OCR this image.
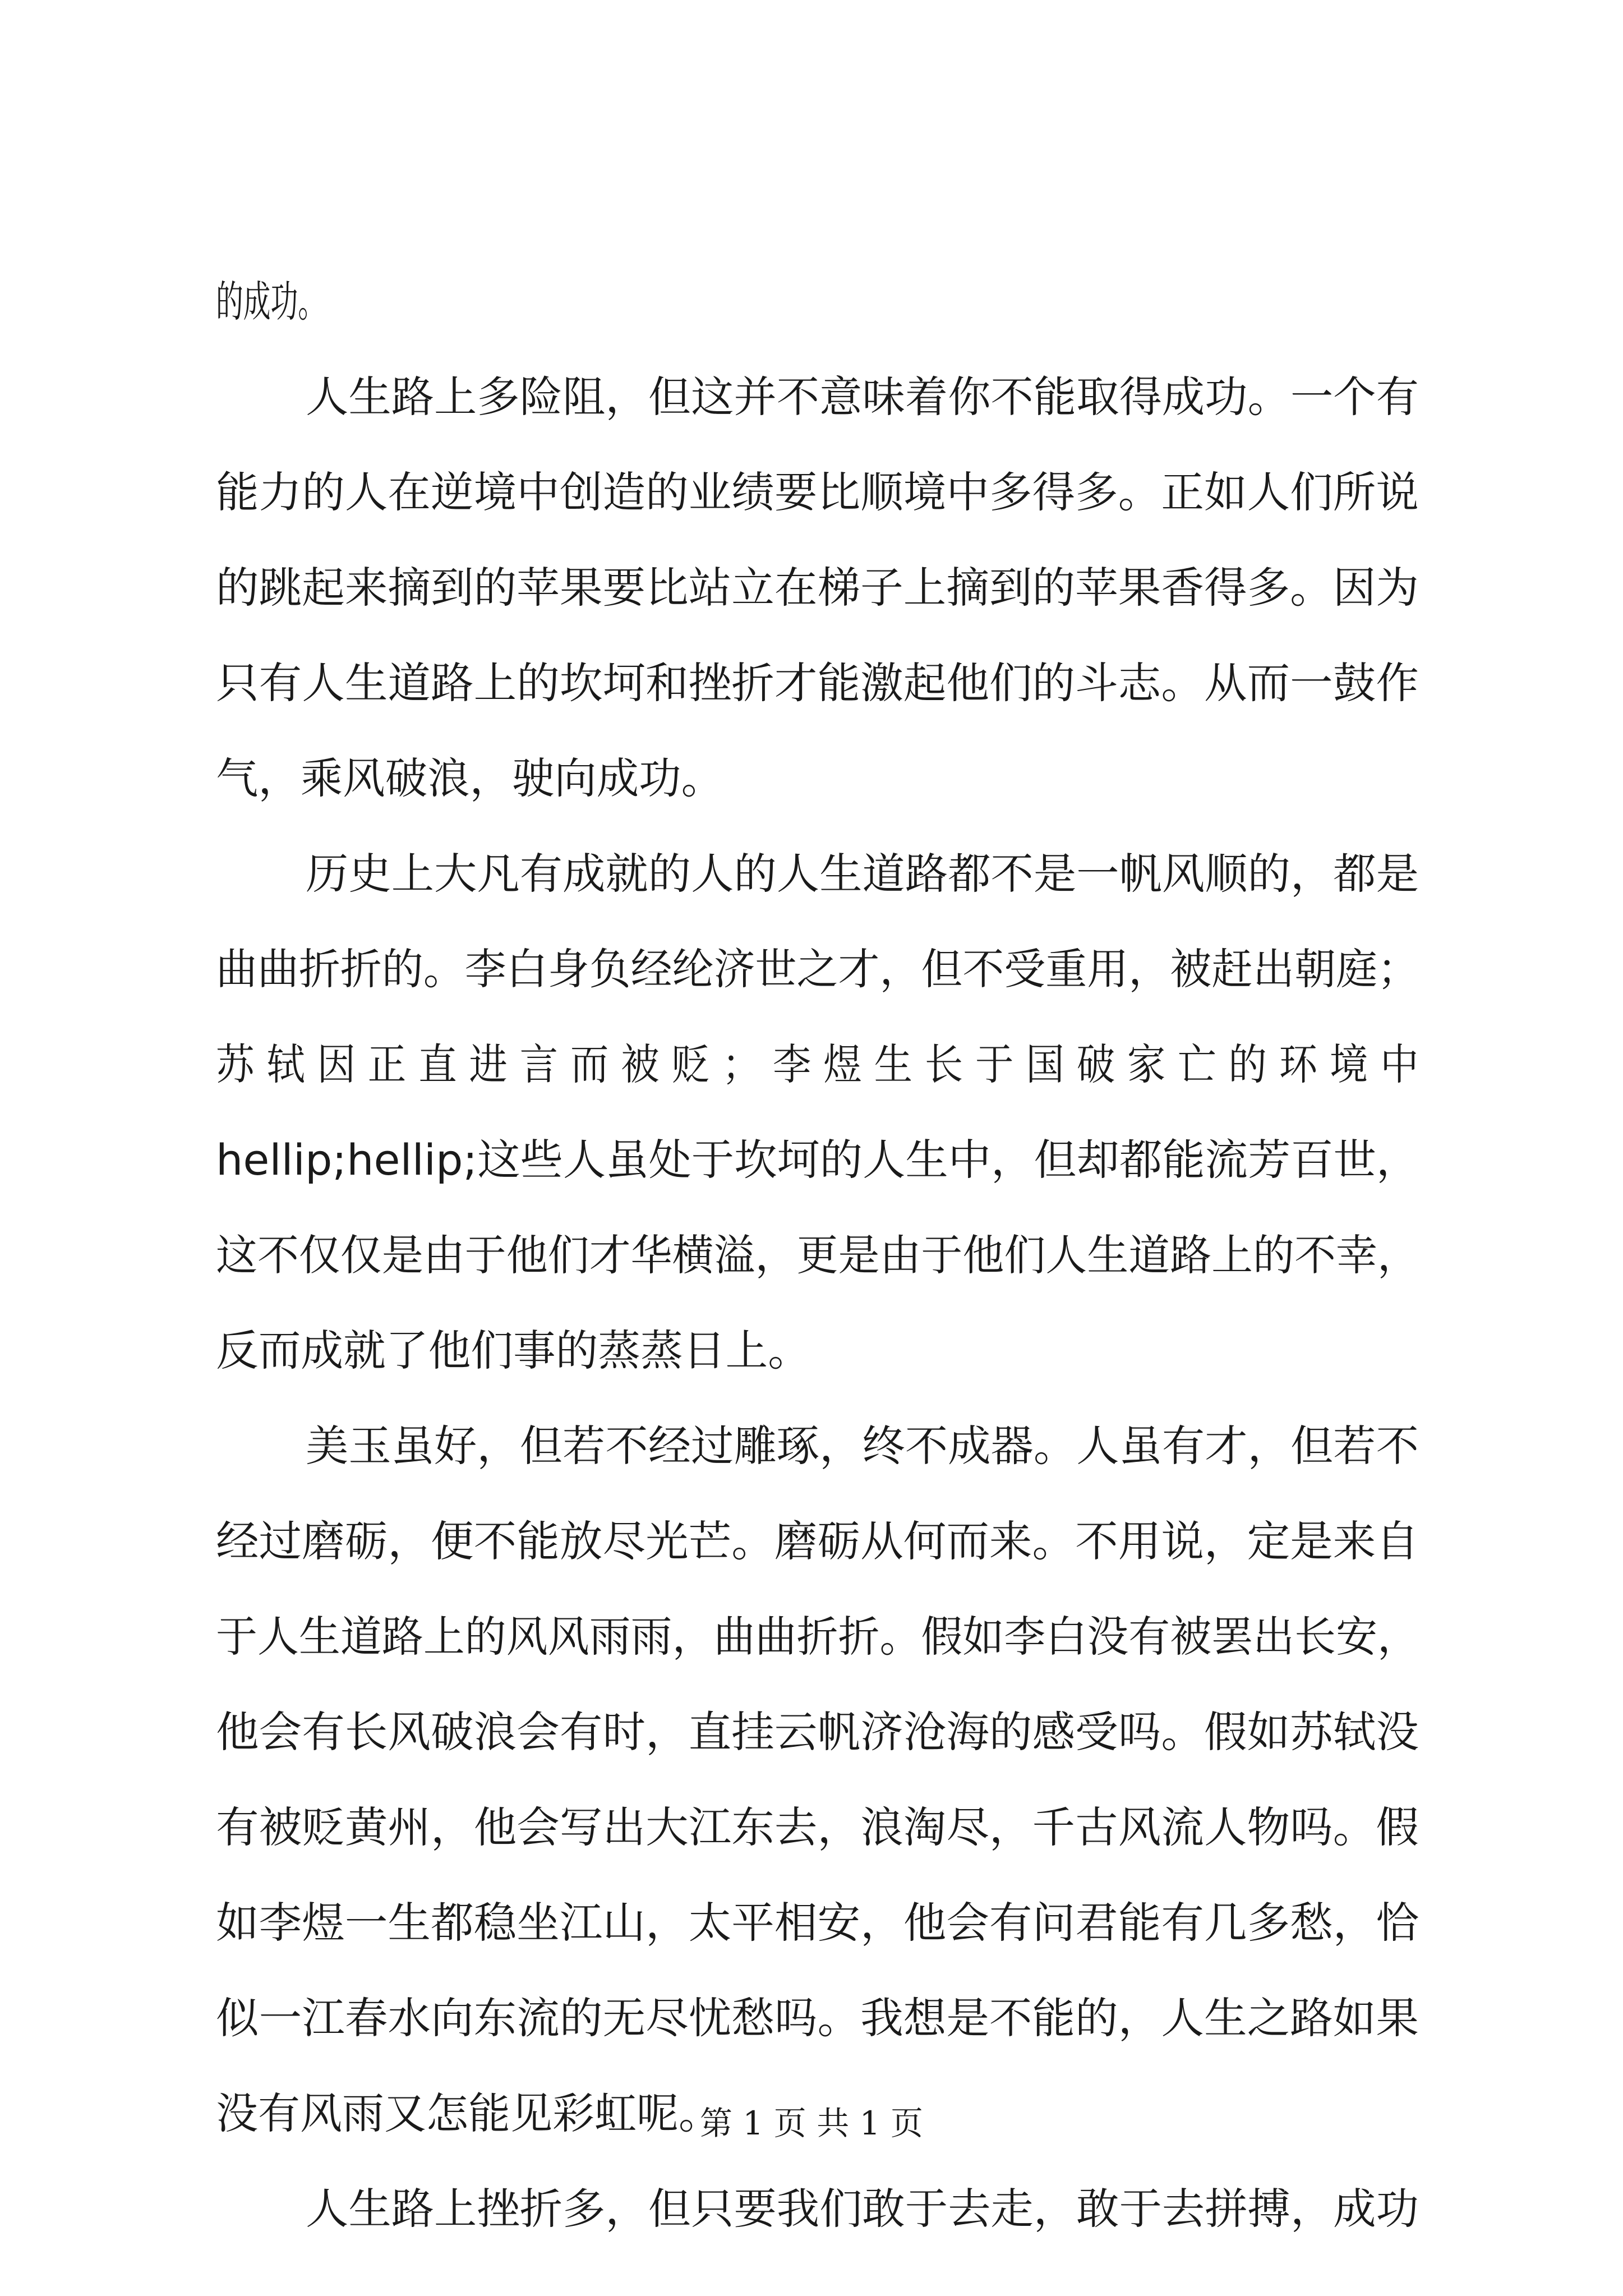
的成功。
人生路上多险阻，但这并不意味着你不能取得成功。一个有
能力的人在逆境中创造的业绩要比顺境中多得多。正如人们所说
的跳起来摘到的苹果要比站立在梯子上摘到的苹果香得多。因为
只有人生道路上的坎坷和挫折才能激起他们的斗志。从而一鼓作
气，乘风破浪，驶向成功。
历史上大凡有成就的人的人生道路都不是一帆风顺的，都是
曲曲折折的。李白身负经纶济世之才，但不受重用，被赶出朝庭；
苏 轼 因 正 直 进 言 而 被 贬 ； 李 煜 生 长 于 国 破 家 亡 的 环 境 中
hellip;hellip;这些人虽处于坎坷的人生中，但却都能流芳百世，
这不仅仅是由于他们才华横溢，更是由于他们人生道路上的不幸，
反而成就了他们事的蒸蒸日上。
美玉虽好，但若不经过雕琢，终不成器。人虽有才，但若不
经过磨砺，便不能放尽光芒。磨砺从何而来。不用说，定是来自
于人生道路上的风风雨雨，曲曲折折。假如李白没有被罢出长安，
他会有长风破浪会有时，直挂云帆济沧海的感受吗。假如苏轼没
有被贬黄州，他会写出大江东去，浪淘尽，千古风流人物吗。假
如李煜一生都稳坐江山，太平相安，他会有问君能有几多愁，恰
似一江春水向东流的无尽忧愁吗。我想是不能的，人生之路如果
没有风雨又怎能见彩虹呢。
人生路上挫折多，但只要我们敢于去走，敢于去拼搏，成功
第 1 页 共 1 页
